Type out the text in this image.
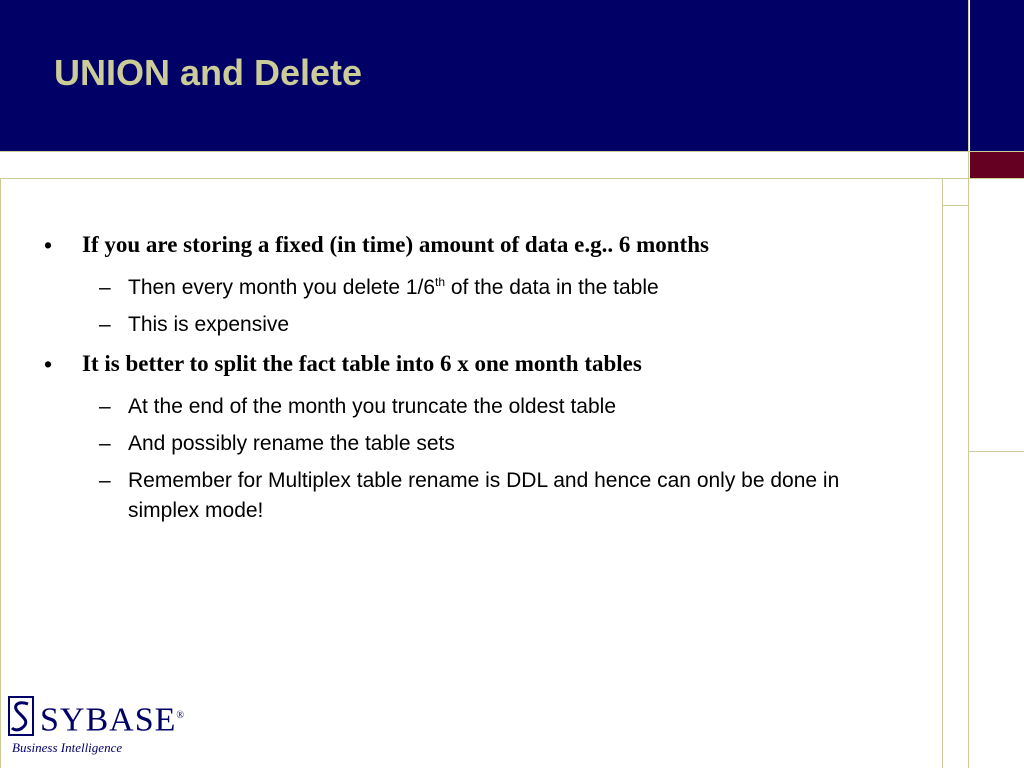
UNION and Delete
• If you are storing a fixed (in time) amount of data e.g.. 6 months
– Then every month you delete 1/6th of the data in the table
– This is expensive
• It is better to split the fact table into 6 x one month tables
– At the end of the month you truncate the oldest table
– And possibly rename the table sets
– Remember for Multiplex table rename is DDL and hence can only be done in simplex mode!
SYBASE®
Business Intelligence
